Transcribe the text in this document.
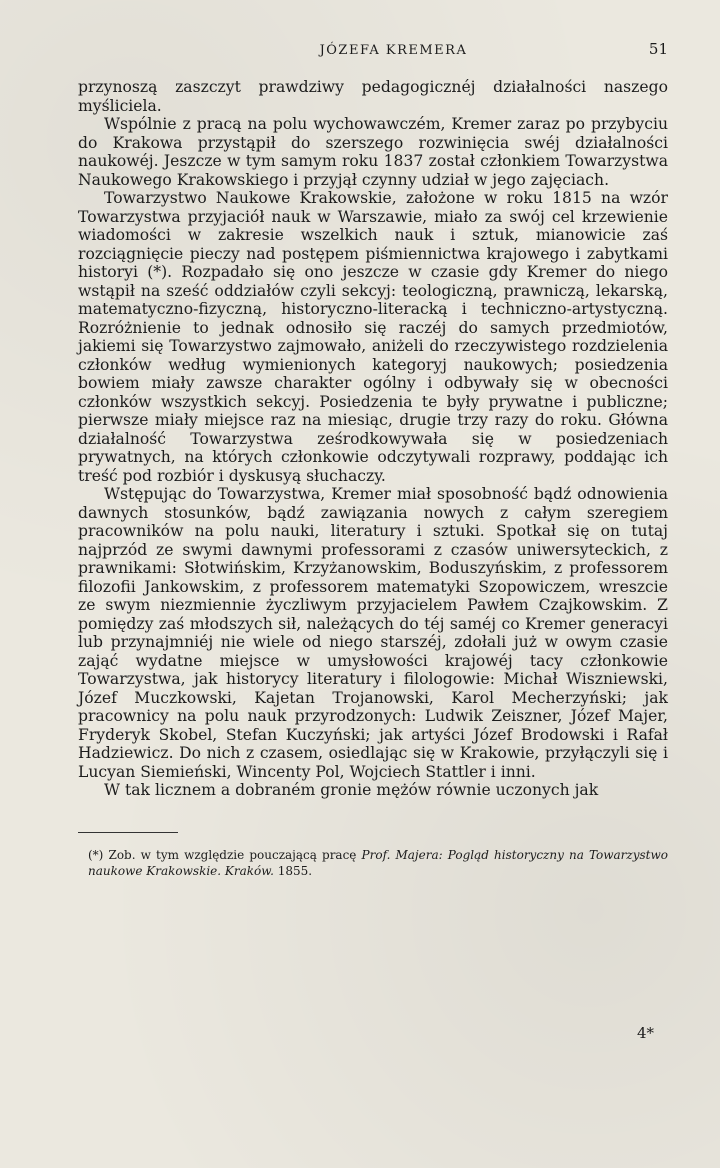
JÓZEFA KREMERA	51

przynoszą zaszczyt prawdziwy pedagogicznéj działalności naszego myśliciela.

Wspólnie z pracą na polu wychowawczém, Kremer zaraz po przybyciu do Krakowa przystąpił do szerszego rozwinięcia swéj działalności naukowéj. Jeszcze w tym samym roku 1837 został członkiem Towarzystwa Naukowego Krakowskiego i przyjął czynny udział w jego zajęciach.

Towarzystwo Naukowe Krakowskie, założone w roku 1815 na wzór Towarzystwa przyjaciół nauk w Warszawie, miało za swój cel krzewienie wiadomości w zakresie wszelkich nauk i sztuk, mianowicie zaś rozciągnięcie pieczy nad postępem piśmiennictwa krajowego i zabytkami historyi (*). Rozpadało się ono jeszcze w czasie gdy Kremer do niego wstąpił na sześć oddziałów czyli sekcyj: teologiczną, prawniczą, lekarską, matematyczno-fizyczną, historyczno-literacką i techniczno-artystyczną. Rozróżnienie to jednak odnosiło się raczéj do samych przedmiotów, jakiemi się Towarzystwo zajmowało, aniżeli do rzeczywistego rozdzielenia członków według wymienionych kategoryj naukowych; posiedzenia bowiem miały zawsze charakter ogólny i odbywały się w obecności członków wszystkich sekcyj. Posiedzenia te były prywatne i publiczne; pierwsze miały miejsce raz na miesiąc, drugie trzy razy do roku. Główna działalność Towarzystwa ześrodkowywała się w posiedzeniach prywatnych, na których członkowie odczytywali rozprawy, poddając ich treść pod rozbiór i dyskusyą słuchaczy.

Wstępując do Towarzystwa, Kremer miał sposobność bądź odnowienia dawnych stosunków, bądź zawiązania nowych z całym szeregiem pracowników na polu nauki, literatury i sztuki. Spotkał się on tutaj najprzód ze swymi dawnymi professorami z czasów uniwersyteckich, z prawnikami: Słotwińskim, Krzyżanowskim, Boduszyńskim, z professorem filozofii Jankowskim, z professorem matematyki Szopowiczem, wreszcie ze swym niezmiennie życzliwym przyjacielem Pawłem Czajkowskim. Z pomiędzy zaś młodszych sił, należących do téj saméj co Kremer generacyi lub przynajmniéj nie wiele od niego starszéj, zdołali już w owym czasie zająć wydatne miejsce w umysłowości krajowéj tacy członkowie Towarzystwa, jak historycy literatury i filologowie: Michał Wiszniewski, Józef Muczkowski, Kajetan Trojanowski, Karol Mecherzyński; jak pracownicy na polu nauk przyrodzonych: Ludwik Zeiszner, Józef Majer, Fryderyk Skobel, Stefan Kuczyński; jak artyści Józef Brodowski i Rafał Hadziewicz. Do nich z czasem, osiedlając się w Krakowie, przyłączyli się i Lucyan Siemieński, Wincenty Pol, Wojciech Stattler i inni.

W tak licznem a dobraném gronie mężów równie uczonych jak

(*) Zob. w tym względzie pouczającą pracę Prof. Majera: Pogląd historyczny na Towarzystwo naukowe Krakowskie. Kraków. 1855.
4*
